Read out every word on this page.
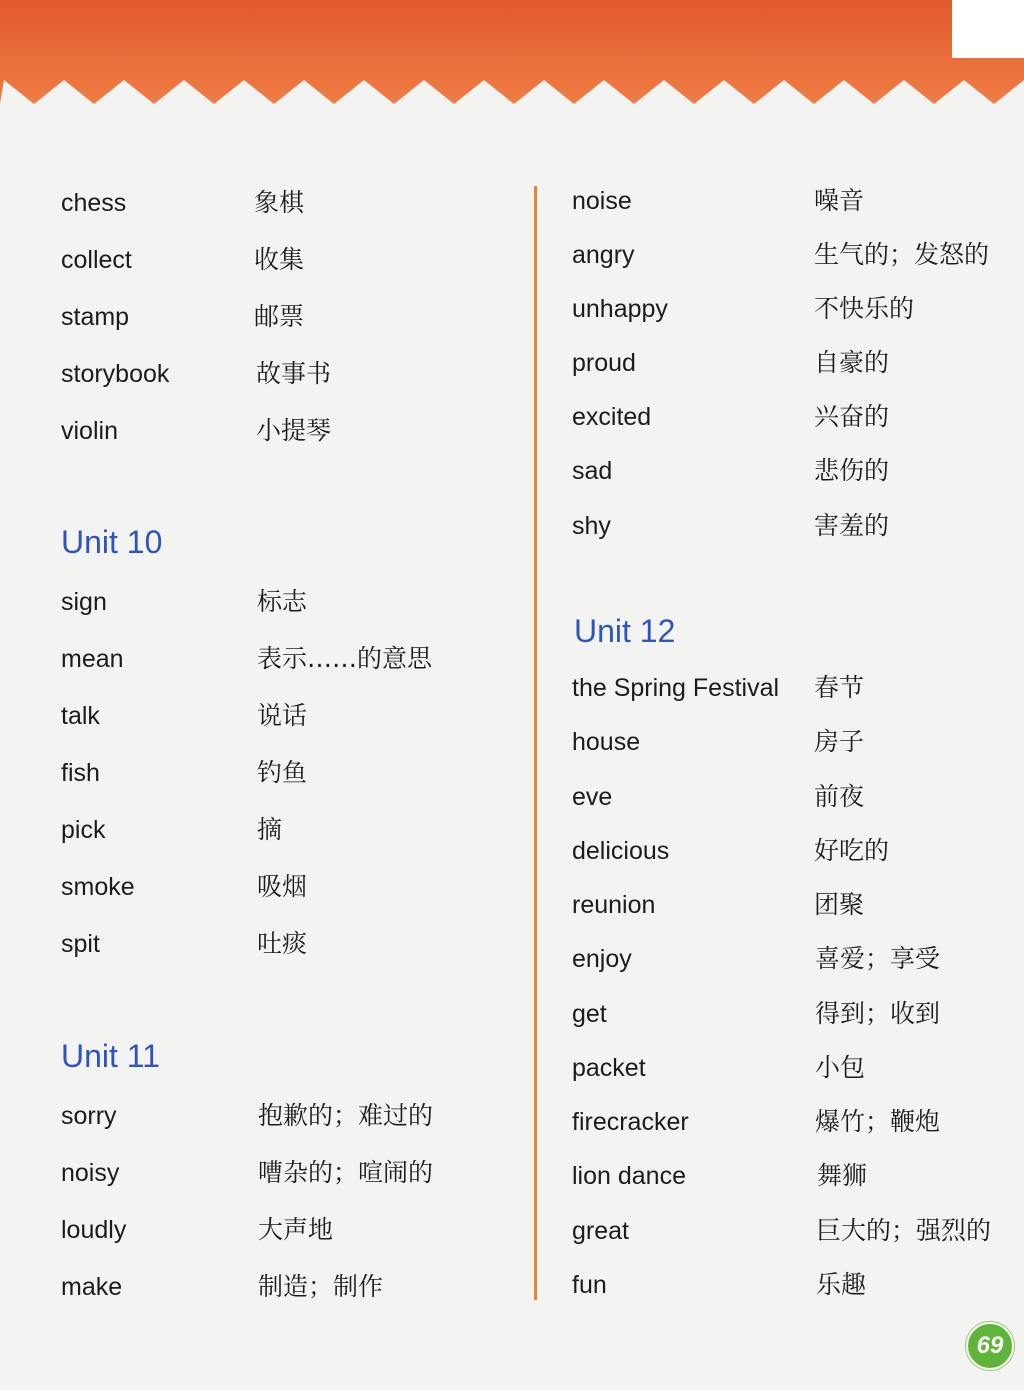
chess	象棋
collect	收集
stamp	邮票
storybook	故事书
violin	小提琴
Unit 10
sign	标志
mean	表示……的意思
talk	说话
fish	钓鱼
pick	摘
smoke	吸烟
spit	吐痰
Unit 11
sorry	抱歉的；难过的
noisy	嘈杂的；喧闹的
loudly	大声地
make	制造；制作
noise	噪音
angry	生气的；发怒的
unhappy	不快乐的
proud	自豪的
excited	兴奋的
sad	悲伤的
shy	害羞的
Unit 12
the Spring Festival 春节
house	房子
eve	前夜
delicious	好吃的
reunion	团聚
enjoy	喜爱；享受
get	得到；收到
packet	小包
firecracker	爆竹；鞭炮
lion dance	舞狮
great	巨大的；强烈的
fun	乐趣
69
